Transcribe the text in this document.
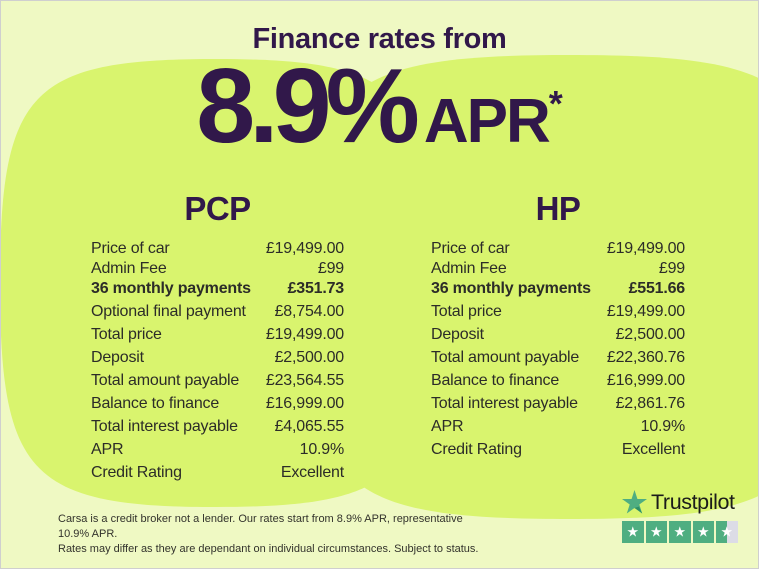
Finance rates from
8.9% APR*
PCP
Price of car	£19,499.00
Admin Fee	£99
36 monthly payments £351.73
Optional final payment £8,754.00
Total price	£19,499.00
Deposit	£2,500.00
Total amount payable £23,564.55
Balance to finance	£16,999.00
Total interest payable £4,065.55
APR	10.9%
Credit Rating	Excellent
HP
Price of car	£19,499.00
Admin Fee	£99
36 monthly payments £551.66
Total price	£19,499.00
Deposit	£2,500.00
Total amount payable £22,360.76
Balance to finance	£16,999.00
Total interest payable £2,861.76
APR	10.9%
Credit Rating	Excellent
Carsa is a credit broker not a lender. Our rates start from 8.9% APR, representative 10.9% APR.
Rates may differ as they are dependant on individual circumstances. Subject to status.
Trustpilot
★ ★ ★ ★ ★
